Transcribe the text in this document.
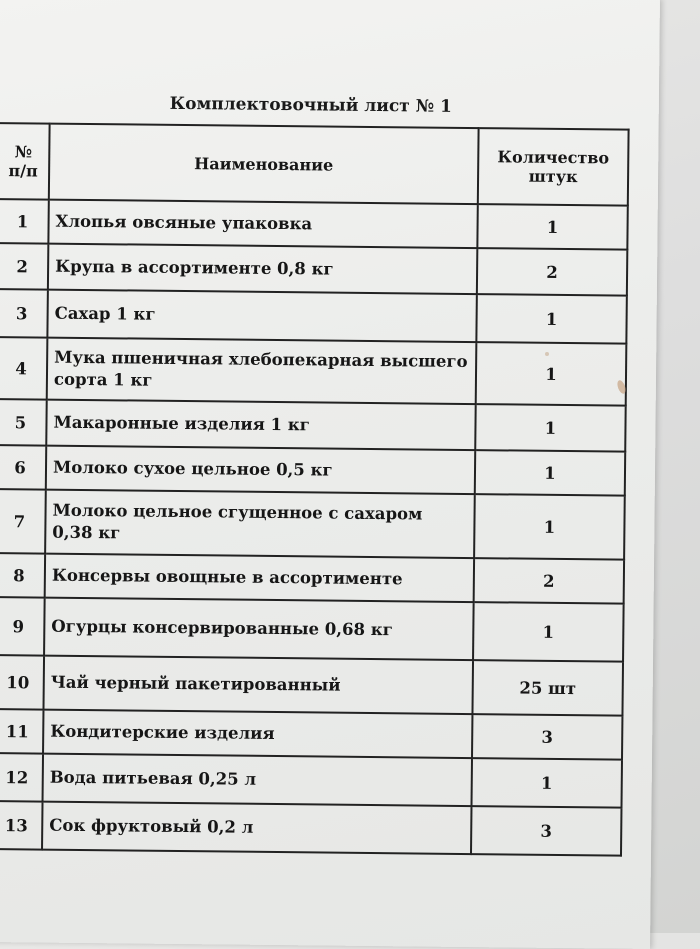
Комплектовочный лист № 1
№ п/п	Наименование	Количество штук
1	Хлопья овсяные упаковка	1
2	Крупа в ассортименте 0,8 кг	2
3	Сахар 1 кг	1
4	Мука пшеничная хлебопекарная высшего сорта 1 кг	1
5	Макаронные изделия 1 кг	1
6	Молоко сухое цельное 0,5 кг	1
7	Молоко цельное сгущенное с сахаром 0,38 кг	1
8	Консервы овощные в ассортименте	2
9	Огурцы консервированные 0,68 кг	1
10	Чай черный пакетированный	25 шт
11	Кондитерские изделия	3
12	Вода питьевая 0,25 л	1
13	Сок фруктовый 0,2 л	3
